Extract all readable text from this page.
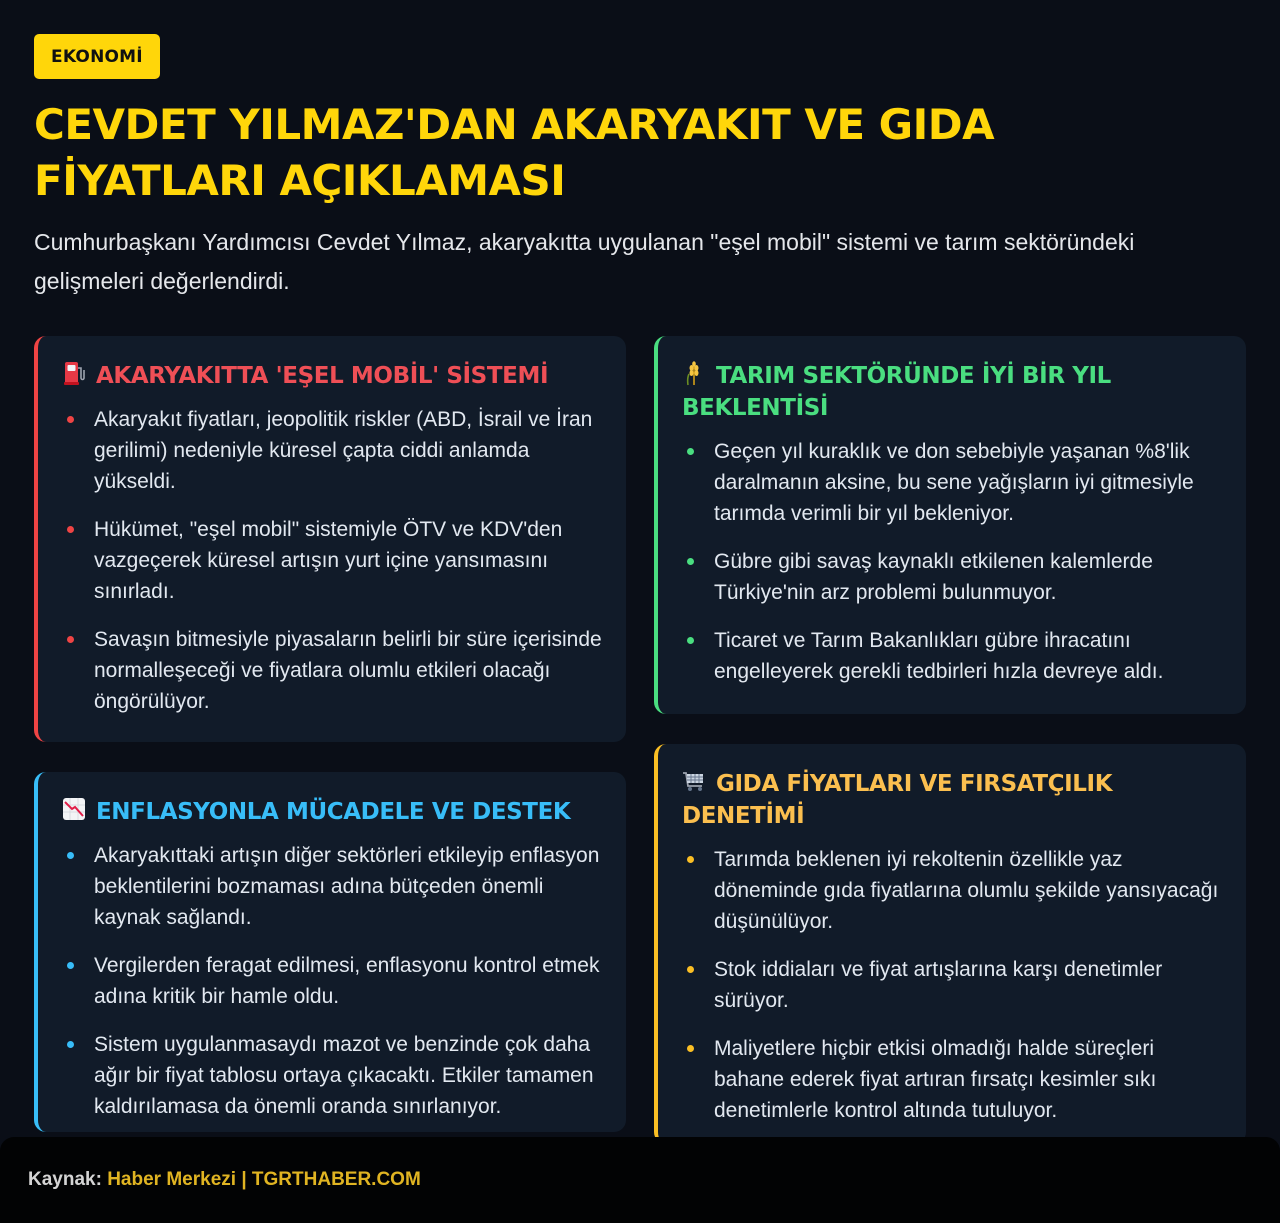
EKONOMİ
CEVDET YILMAZ'DAN AKARYAKIT VE GIDA FİYATLARI AÇIKLAMASI

Cumhurbaşkanı Yardımcısı Cevdet Yılmaz, akaryakıtta uygulanan "eşel mobil" sistemi ve tarım sektöründeki gelişmeleri değerlendirdi.

AKARYAKITTA 'EŞEL MOBİL' SİSTEMİ
Akaryakıt fiyatları, jeopolitik riskler (ABD, İsrail ve İran gerilimi) nedeniyle küresel çapta ciddi anlamda yükseldi.
Hükümet, "eşel mobil" sistemiyle ÖTV ve KDV'den vazgeçerek küresel artışın yurt içine yansımasını sınırladı.
Savaşın bitmesiyle piyasaların belirli bir süre içerisinde normalleşeceği ve fiyatlara olumlu etkileri olacağı öngörülüyor.
TARIM SEKTÖRÜNDE İYİ BİR YIL BEKLENTİSİ
Geçen yıl kuraklık ve don sebebiyle yaşanan %8'lik daralmanın aksine, bu sene yağışların iyi gitmesiyle tarımda verimli bir yıl bekleniyor.
Gübre gibi savaş kaynaklı etkilenen kalemlerde Türkiye'nin arz problemi bulunmuyor.
Ticaret ve Tarım Bakanlıkları gübre ihracatını engelleyerek gerekli tedbirleri hızla devreye aldı.
ENFLASYONLA MÜCADELE VE DESTEK
Akaryakıttaki artışın diğer sektörleri etkileyip enflasyon beklentilerini bozmaması adına bütçeden önemli kaynak sağlandı.
Vergilerden feragat edilmesi, enflasyonu kontrol etmek adına kritik bir hamle oldu.
Sistem uygulanmasaydı mazot ve benzinde çok daha ağır bir fiyat tablosu ortaya çıkacaktı. Etkiler tamamen kaldırılamasa da önemli oranda sınırlanıyor.
GIDA FİYATLARI VE FIRSATÇILIK DENETİMİ
Tarımda beklenen iyi rekoltenin özellikle yaz döneminde gıda fiyatlarına olumlu şekilde yansıyacağı düşünülüyor.
Stok iddiaları ve fiyat artışlarına karşı denetimler sürüyor.
Maliyetlere hiçbir etkisi olmadığı halde süreçleri bahane ederek fiyat artıran fırsatçı kesimler sıkı denetimlerle kontrol altında tutuluyor.
Kaynak: Haber Merkezi | TGRTHABER.COM
